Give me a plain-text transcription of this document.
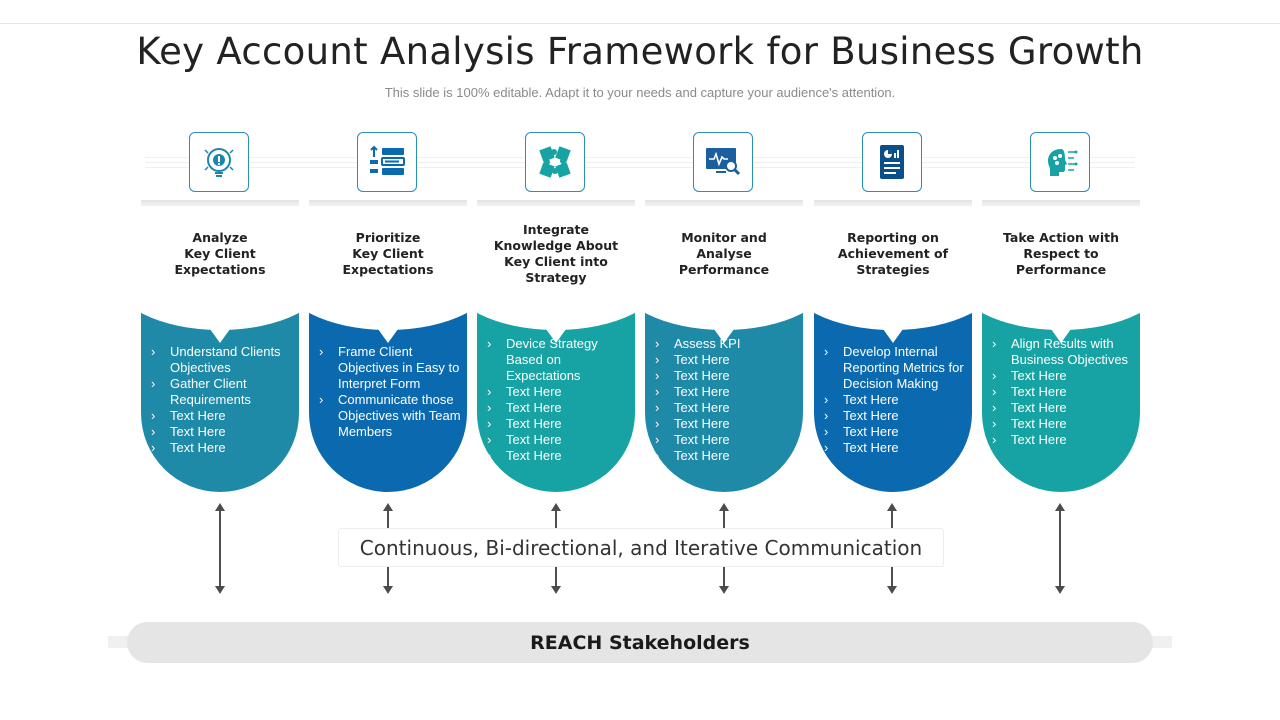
Key Account Analysis Framework for Business Growth
This slide is 100% editable. Adapt it to your needs and capture your audience's attention.
Analyze
Key Client
Expectations
› Understand Clients Objectives
› Gather Client Requirements
› Text Here
› Text Here
› Text Here
Prioritize
Key Client
Expectations
› Frame Client Objectives in Easy to Interpret Form
› Communicate those Objectives with Team Members
Integrate
Knowledge About
Key Client into
Strategy
› Device Strategy Based on Expectations
› Text Here
› Text Here
› Text Here
› Text Here
› Text Here
Monitor and
Analyse
Performance
› Assess KPI
› Text Here
› Text Here
› Text Here
› Text Here
› Text Here
› Text Here
› Text Here
Reporting on
Achievement of
Strategies
› Develop Internal Reporting Metrics for Decision Making
› Text Here
› Text Here
› Text Here
› Text Here
Take Action with
Respect to
Performance
› Align Results with Business Objectives
› Text Here
› Text Here
› Text Here
› Text Here
› Text Here
Continuous, Bi-directional, and Iterative Communication
REACH Stakeholders
